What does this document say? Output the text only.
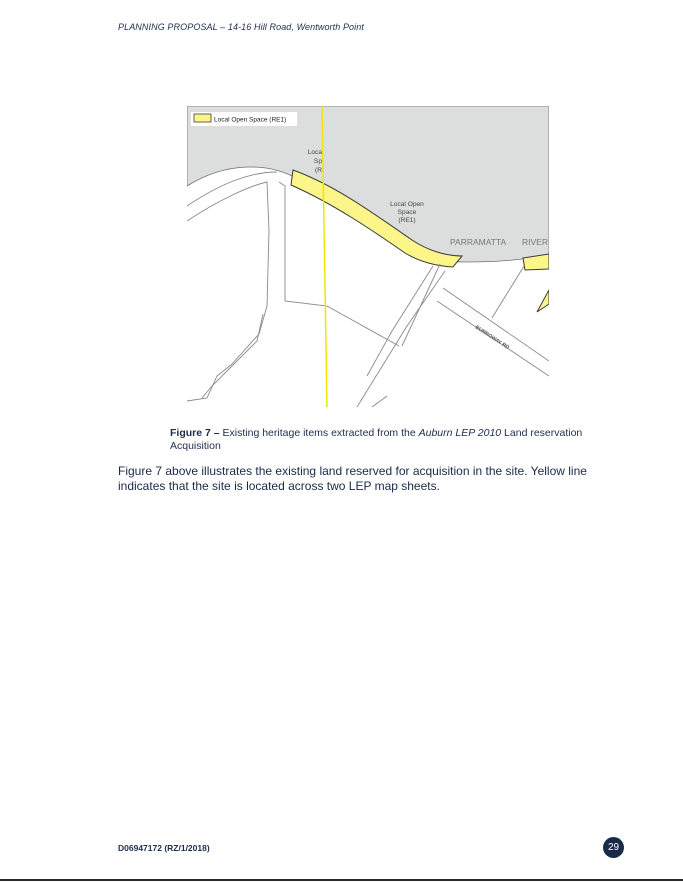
PLANNING PROPOSAL – 14-16 Hill Road, Wentworth Point
Local Open Space (RE1)
Local Open
Space
(RE1)
Loca
Sp
(R
PARRAMATTA RIVER
BURROWAY RD
Figure 7 – Existing heritage items extracted from the Auburn LEP 2010 Land reservation Acquisition
Figure 7 above illustrates the existing land reserved for acquisition in the site. Yellow line indicates that the site is located across two LEP map sheets.
D06947172 (RZ/1/2018)	29
